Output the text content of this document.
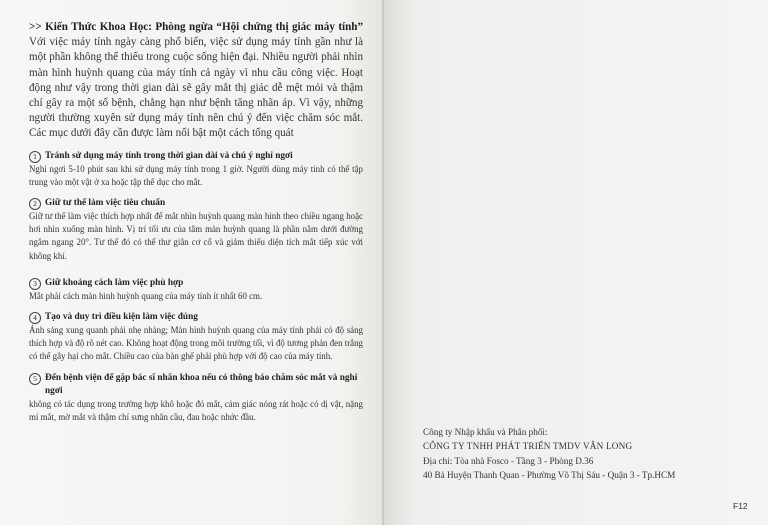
>> Kiến Thức Khoa Học: Phòng ngừa “Hội chứng thị giác máy tính” Với việc máy tính ngày càng phổ biến, việc sử dụng máy tính gần như là một phần không thể thiếu trong cuộc sống hiện đại. Nhiều người phải nhìn màn hình huỳnh quang của máy tính cả ngày vì nhu cầu công việc. Hoạt động như vậy trong thời gian dài sẽ gây mắt thị giác dễ mệt mỏi và thậm chí gây ra một số bệnh, chẳng hạn như bệnh tăng nhãn áp. Vì vậy, những người thường xuyên sử dụng máy tính nên chú ý đến việc chăm sóc mắt. Các mục dưới đây cần được làm nổi bật một cách tổng quát

1 Tránh sử dụng máy tính trong thời gian dài và chú ý nghỉ ngơi
Nghỉ ngơi 5-10 phút sau khi sử dụng máy tính trong 1 giờ. Người dùng máy tính có thể tập trung vào một vật ở xa hoặc tập thể dục cho mắt.
2 Giữ tư thế làm việc tiêu chuẩn
Giữ tư thế làm việc thích hợp nhất để mắt nhìn huỳnh quang màn hình theo chiều ngang hoặc hơi nhìn xuống màn hình. Vị trí tối ưu của tâm màn huỳnh quang là phần nằm dưới đường ngắm ngang 20°. Tư thế đó có thể thư giãn cơ cổ và giảm thiểu diện tích mắt tiếp xúc với không khí.
3 Giữ khoảng cách làm việc phù hợp
Mắt phải cách màn hình huỳnh quang của máy tính ít nhất 60 cm.
4 Tạo và duy trì điều kiện làm việc đúng
Ánh sáng xung quanh phải nhẹ nhàng; Màn hình huỳnh quang của máy tính phải có độ sáng thích hợp và độ rõ nét cao. Không hoạt động trong môi trường tối, vì độ tương phản đen trắng có thể gây hại cho mắt. Chiều cao của bàn ghế phải phù hợp với độ cao của máy tính.
5 Đến bệnh viện để gặp bác sĩ nhãn khoa nếu có thông báo chăm sóc mắt và nghỉ ngơi
không có tác dụng trong trường hợp khô hoặc đỏ mắt, cảm giác nóng rát hoặc có dị vật, nặng mí mắt, mờ mắt và thậm chí sưng nhãn cầu, đau hoặc nhức đầu.
Công ty Nhập khẩu và Phân phối:
CÔNG TY TNHH PHÁT TRIỂN TMDV VÂN LONG
Địa chỉ: Tòa nhà Fosco - Tầng 3 - Phòng D.36
40 Bà Huyện Thanh Quan - Phường Võ Thị Sáu - Quận 3 - Tp.HCM
F12
